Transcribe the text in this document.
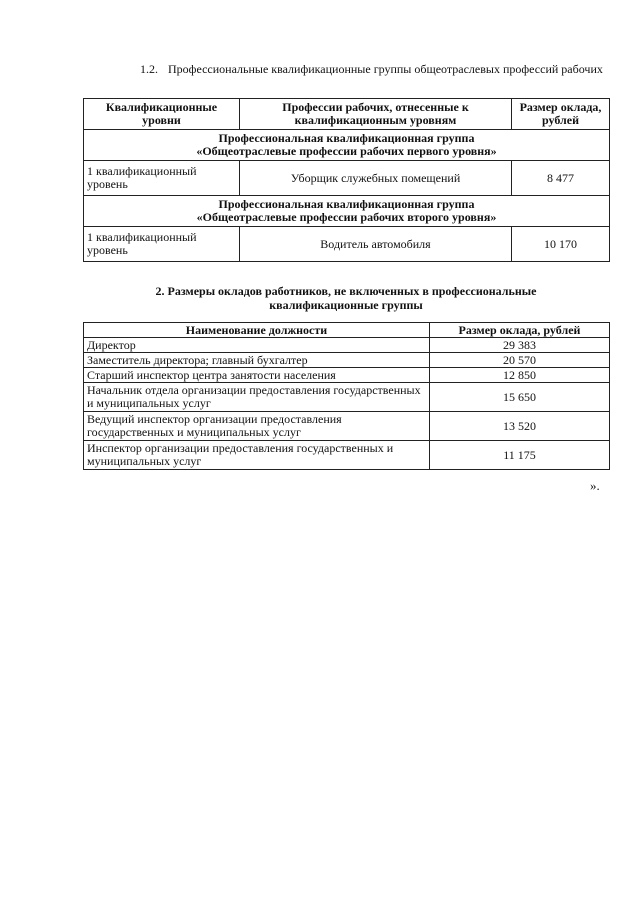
1.2. Профессиональные квалификационные группы общеотраслевых профессий рабочих
Квалификационные уровни	Профессии рабочих, отнесенные к квалификационным уровням	Размер оклада, рублей

Профессиональная квалификационная группа
«Общеотраслевые профессии рабочих первого уровня»		

1 квалификационный уровень	Уборщик служебных помещений	8 477

Профессиональная квалификационная группа
«Общеотраслевые профессии рабочих второго уровня»		

1 квалификационный уровень	Водитель автомобиля	10 170
2. Размеры окладов работников, не включенных в профессиональные
квалификационные группы
Наименование должности	Размер оклада, рублей
Директор	29 383
Заместитель директора; главный бухгалтер	20 570
Старший инспектор центра занятости населения	12 850
Начальник отдела организации предоставления государственных и муниципальных услуг	15 650
Ведущий инспектор организации предоставления государственных и муниципальных услуг	13 520
Инспектор организации предоставления государственных и муниципальных услуг	11 175
».
